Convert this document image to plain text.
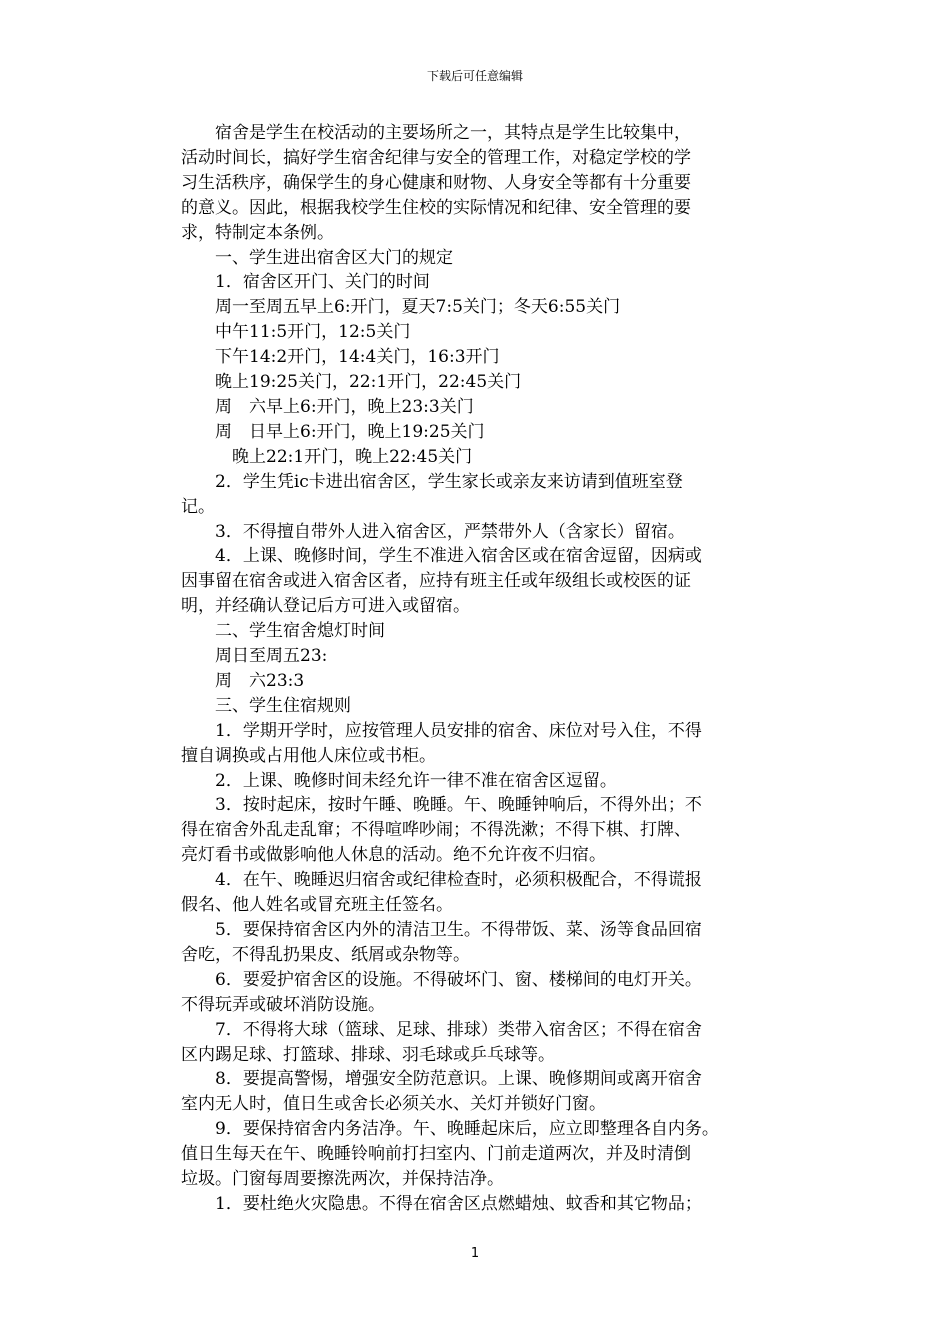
下载后可任意编辑

　　宿舍是学生在校活动的主要场所之一，其特点是学生比较集中，

活动时间长，搞好学生宿舍纪律与安全的管理工作，对稳定学校的学

习生活秩序，确保学生的身心健康和财物、人身安全等都有十分重要

的意义。因此，根据我校学生住校的实际情况和纪律、安全管理的要

求，特制定本条例。

　　一、学生进出宿舍区大门的规定

　　1．宿舍区开门、关门的时间

　　周一至周五早上6:开门，夏天7:5关门；冬天6:55关门

　　中午11:5开门，12:5关门

　　下午14:2开门，14:4关门，16:3开门

　　晚上19:25关门，22:1开门，22:45关门

　　周　六早上6:开门，晚上23:3关门

　　周　日早上6:开门，晚上19:25关门

　　　晚上22:1开门，晚上22:45关门

　　2．学生凭ic卡进出宿舍区，学生家长或亲友来访请到值班室登

记。

　　3．不得擅自带外人进入宿舍区，严禁带外人（含家长）留宿。

　　4．上课、晚修时间，学生不准进入宿舍区或在宿舍逗留，因病或

因事留在宿舍或进入宿舍区者，应持有班主任或年级组长或校医的证

明，并经确认登记后方可进入或留宿。

　　二、学生宿舍熄灯时间

　　周日至周五23:

　　周　六23:3

　　三、学生住宿规则

　　1．学期开学时，应按管理人员安排的宿舍、床位对号入住，不得

擅自调换或占用他人床位或书柜。

　　2．上课、晚修时间未经允许一律不准在宿舍区逗留。

　　3．按时起床，按时午睡、晚睡。午、晚睡钟响后，不得外出；不

得在宿舍外乱走乱窜；不得喧哗吵闹；不得洗漱；不得下棋、打牌、

亮灯看书或做影响他人休息的活动。绝不允许夜不归宿。

　　4．在午、晚睡迟归宿舍或纪律检查时，必须积极配合，不得谎报

假名、他人姓名或冒充班主任签名。

　　5．要保持宿舍区内外的清洁卫生。不得带饭、菜、汤等食品回宿

舍吃，不得乱扔果皮、纸屑或杂物等。

　　6．要爱护宿舍区的设施。不得破坏门、窗、楼梯间的电灯开关。

不得玩弄或破坏消防设施。

　　7．不得将大球（篮球、足球、排球）类带入宿舍区；不得在宿舍

区内踢足球、打篮球、排球、羽毛球或乒乓球等。

　　8．要提高警惕，增强安全防范意识。上课、晚修期间或离开宿舍

室内无人时，值日生或舍长必须关水、关灯并锁好门窗。

　　9．要保持宿舍内务洁净。午、晚睡起床后，应立即整理各自内务。

值日生每天在午、晚睡铃响前打扫室内、门前走道两次，并及时清倒

垃圾。门窗每周要擦洗两次，并保持洁净。

　　1．要杜绝火灾隐患。不得在宿舍区点燃蜡烛、蚊香和其它物品；

1
